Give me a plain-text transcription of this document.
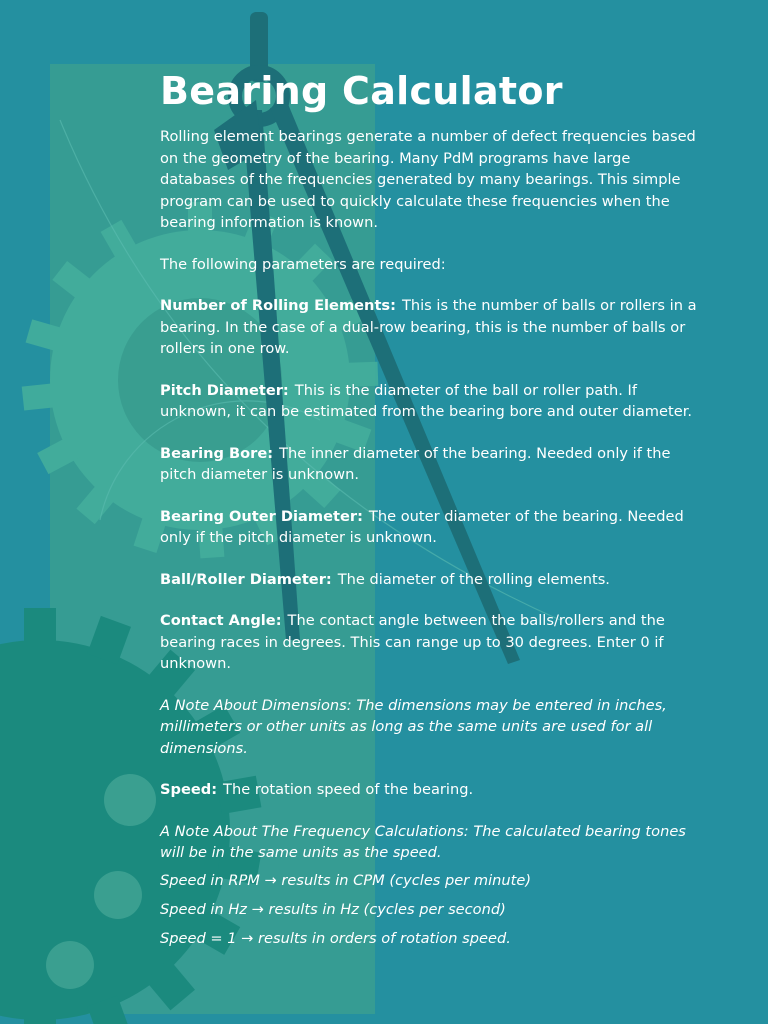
Bearing Calculator

Rolling element bearings generate a number of defect frequencies based on the geometry of the bearing. Many PdM programs have large databases of the frequencies generated by many bearings. This simple program can be used to quickly calculate these frequencies when the bearing information is known.

The following parameters are required:

Number of Rolling Elements: This is the number of balls or rollers in a bearing. In the case of a dual-row bearing, this is the number of balls or rollers in one row.

Pitch Diameter: This is the diameter of the ball or roller path. If unknown, it can be estimated from the bearing bore and outer diameter.

Bearing Bore: The inner diameter of the bearing. Needed only if the pitch diameter is unknown.

Bearing Outer Diameter: The outer diameter of the bearing. Needed only if the pitch diameter is unknown.

Ball/Roller Diameter: The diameter of the rolling elements.

Contact Angle: The contact angle between the balls/rollers and the bearing races in degrees. This can range up to 30 degrees. Enter 0 if unknown.

A Note About Dimensions: The dimensions may be entered in inches, millimeters or other units as long as the same units are used for all dimensions.

Speed: The rotation speed of the bearing.

A Note About The Frequency Calculations: The calculated bearing tones will be in the same units as the speed.

Speed in RPM → results in CPM (cycles per minute)

Speed in Hz → results in Hz (cycles per second)

Speed = 1 → results in orders of rotation speed.
